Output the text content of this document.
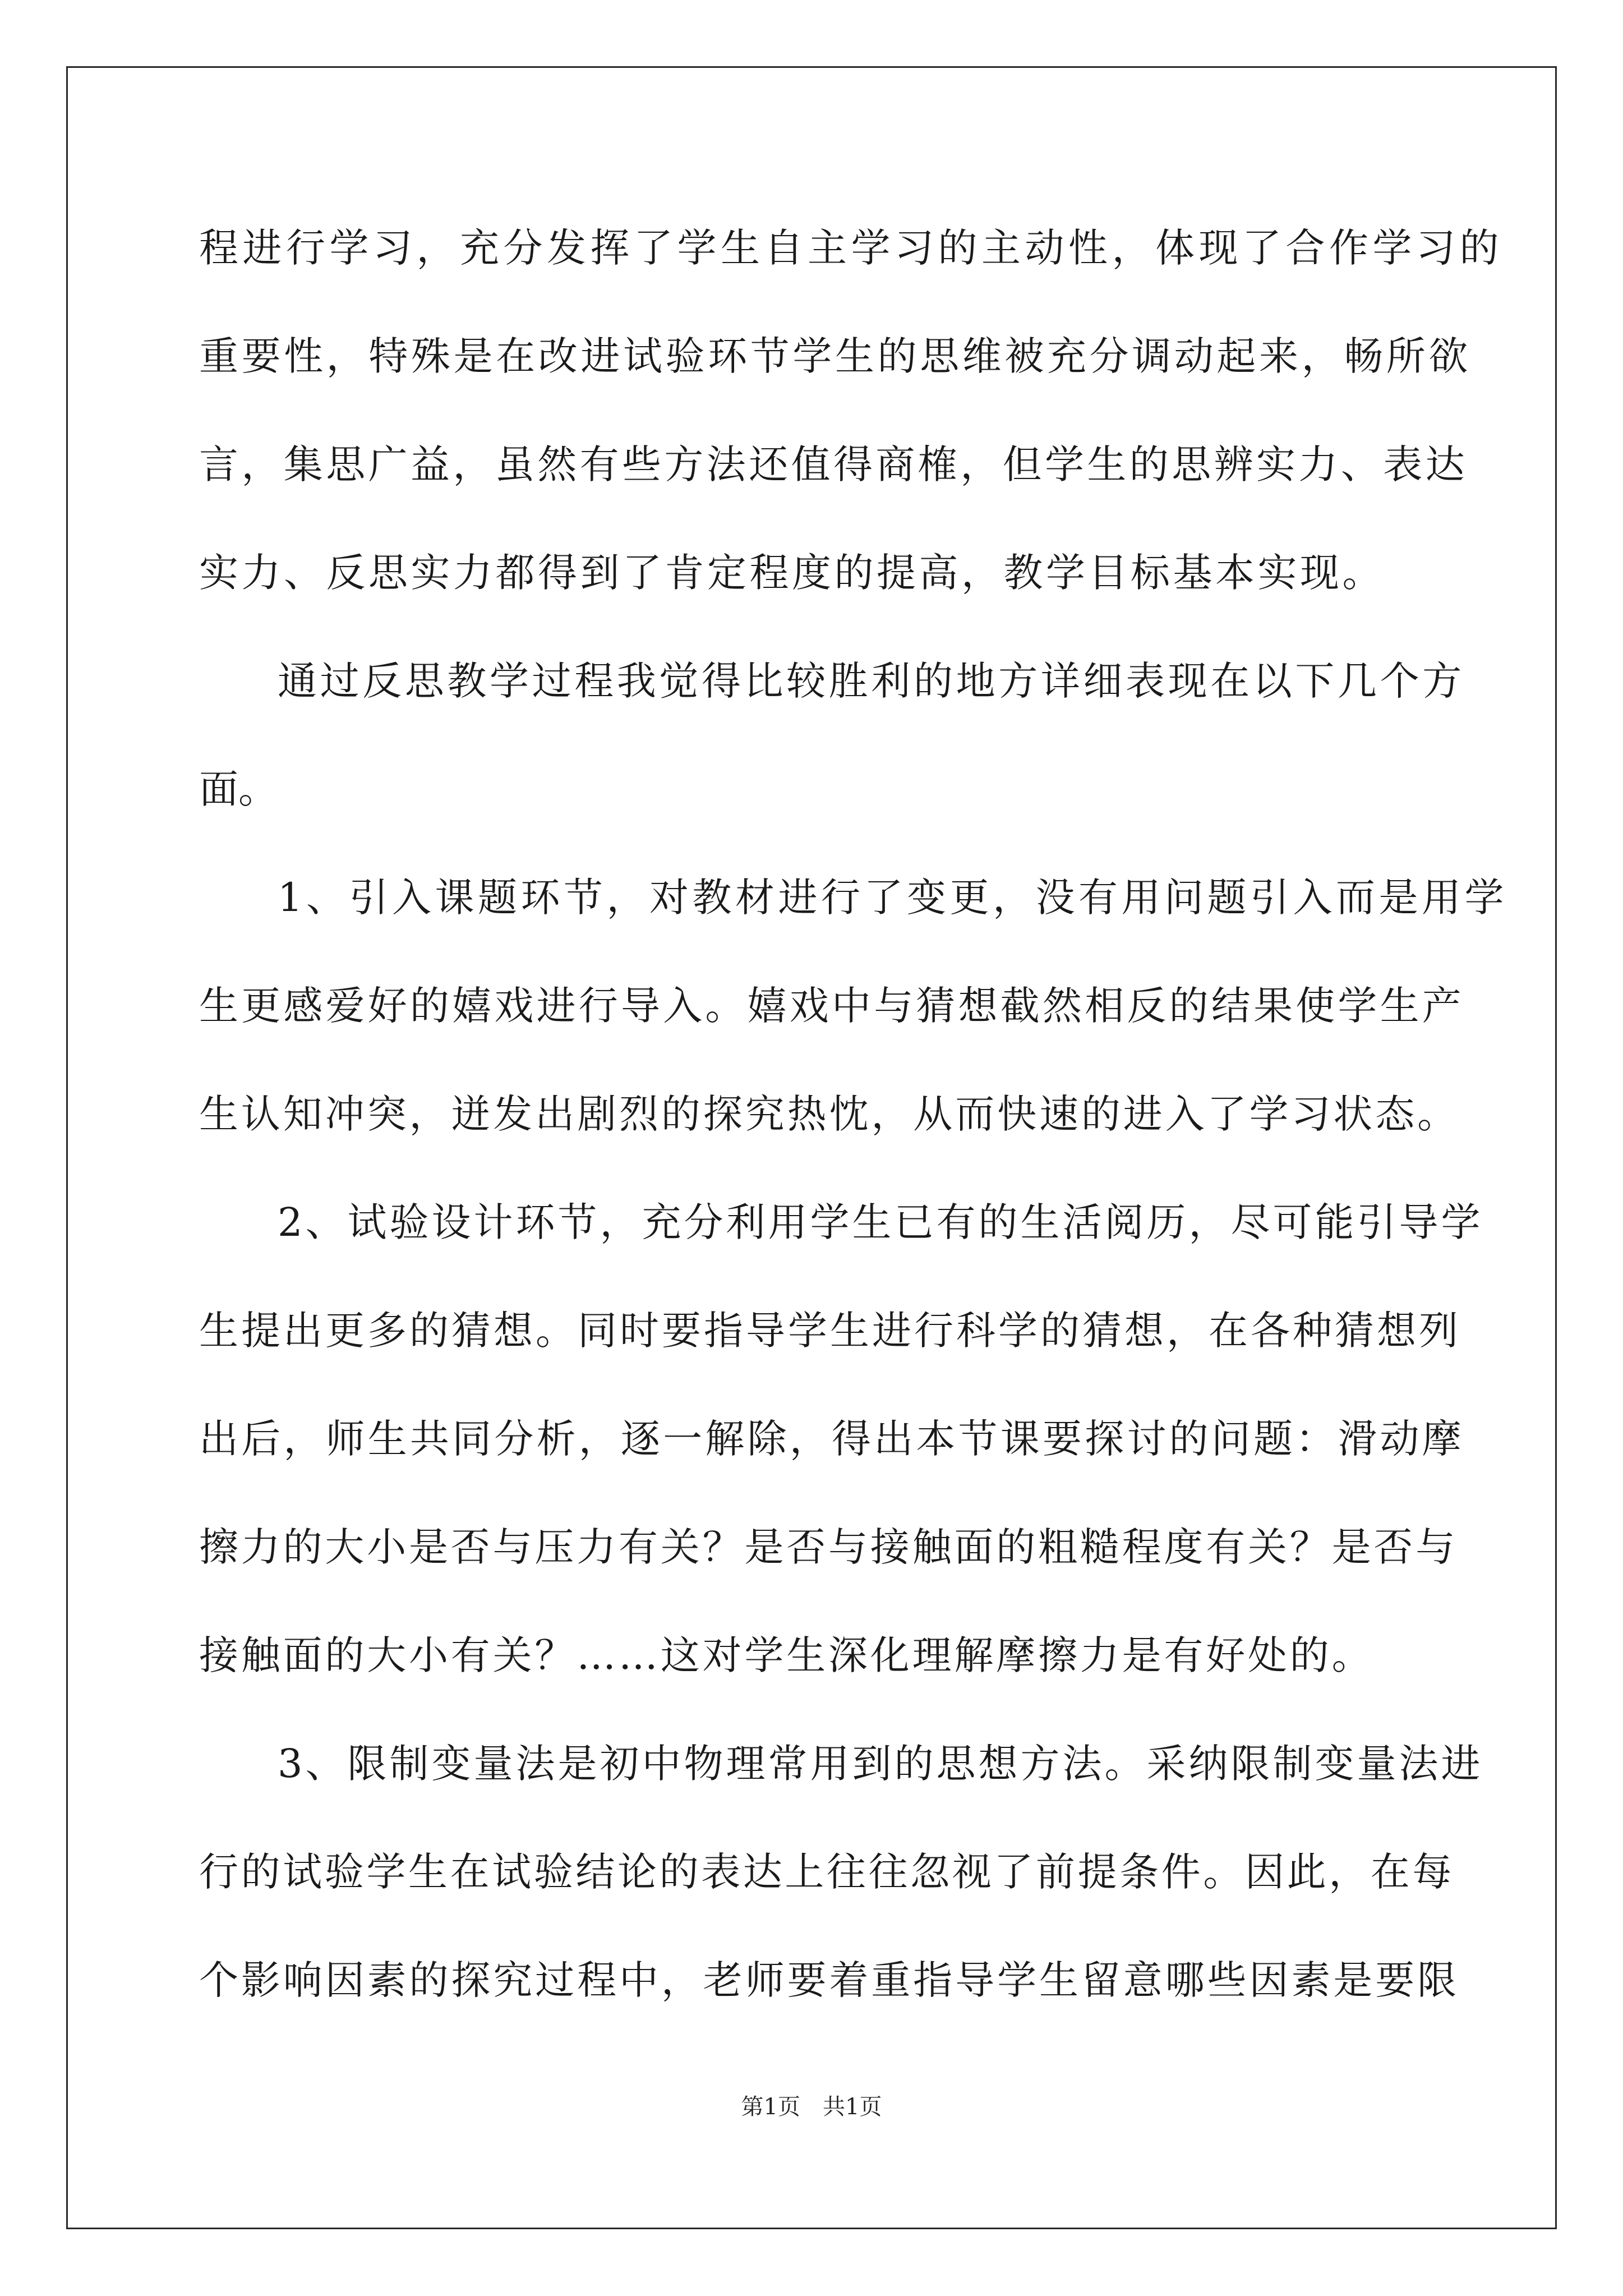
程进行学习，充分发挥了学生自主学习的主动性，体现了合作学习的
重要性，特殊是在改进试验环节学生的思维被充分调动起来，畅所欲
言，集思广益，虽然有些方法还值得商榷，但学生的思辨实力、表达
实力、反思实力都得到了肯定程度的提高，教学目标基本实现。
通过反思教学过程我觉得比较胜利的地方详细表现在以下几个方
面。
1、引入课题环节，对教材进行了变更，没有用问题引入而是用学
生更感爱好的嬉戏进行导入。嬉戏中与猜想截然相反的结果使学生产
生认知冲突，迸发出剧烈的探究热忱，从而快速的进入了学习状态。
2、试验设计环节，充分利用学生已有的生活阅历，尽可能引导学
生提出更多的猜想。同时要指导学生进行科学的猜想，在各种猜想列
出后，师生共同分析，逐一解除，得出本节课要探讨的问题：滑动摩
擦力的大小是否与压力有关？是否与接触面的粗糙程度有关？是否与
接触面的大小有关？……这对学生深化理解摩擦力是有好处的。
3、限制变量法是初中物理常用到的思想方法。采纳限制变量法进
行的试验学生在试验结论的表达上往往忽视了前提条件。因此，在每
个影响因素的探究过程中，老师要着重指导学生留意哪些因素是要限
第1页 共1页
